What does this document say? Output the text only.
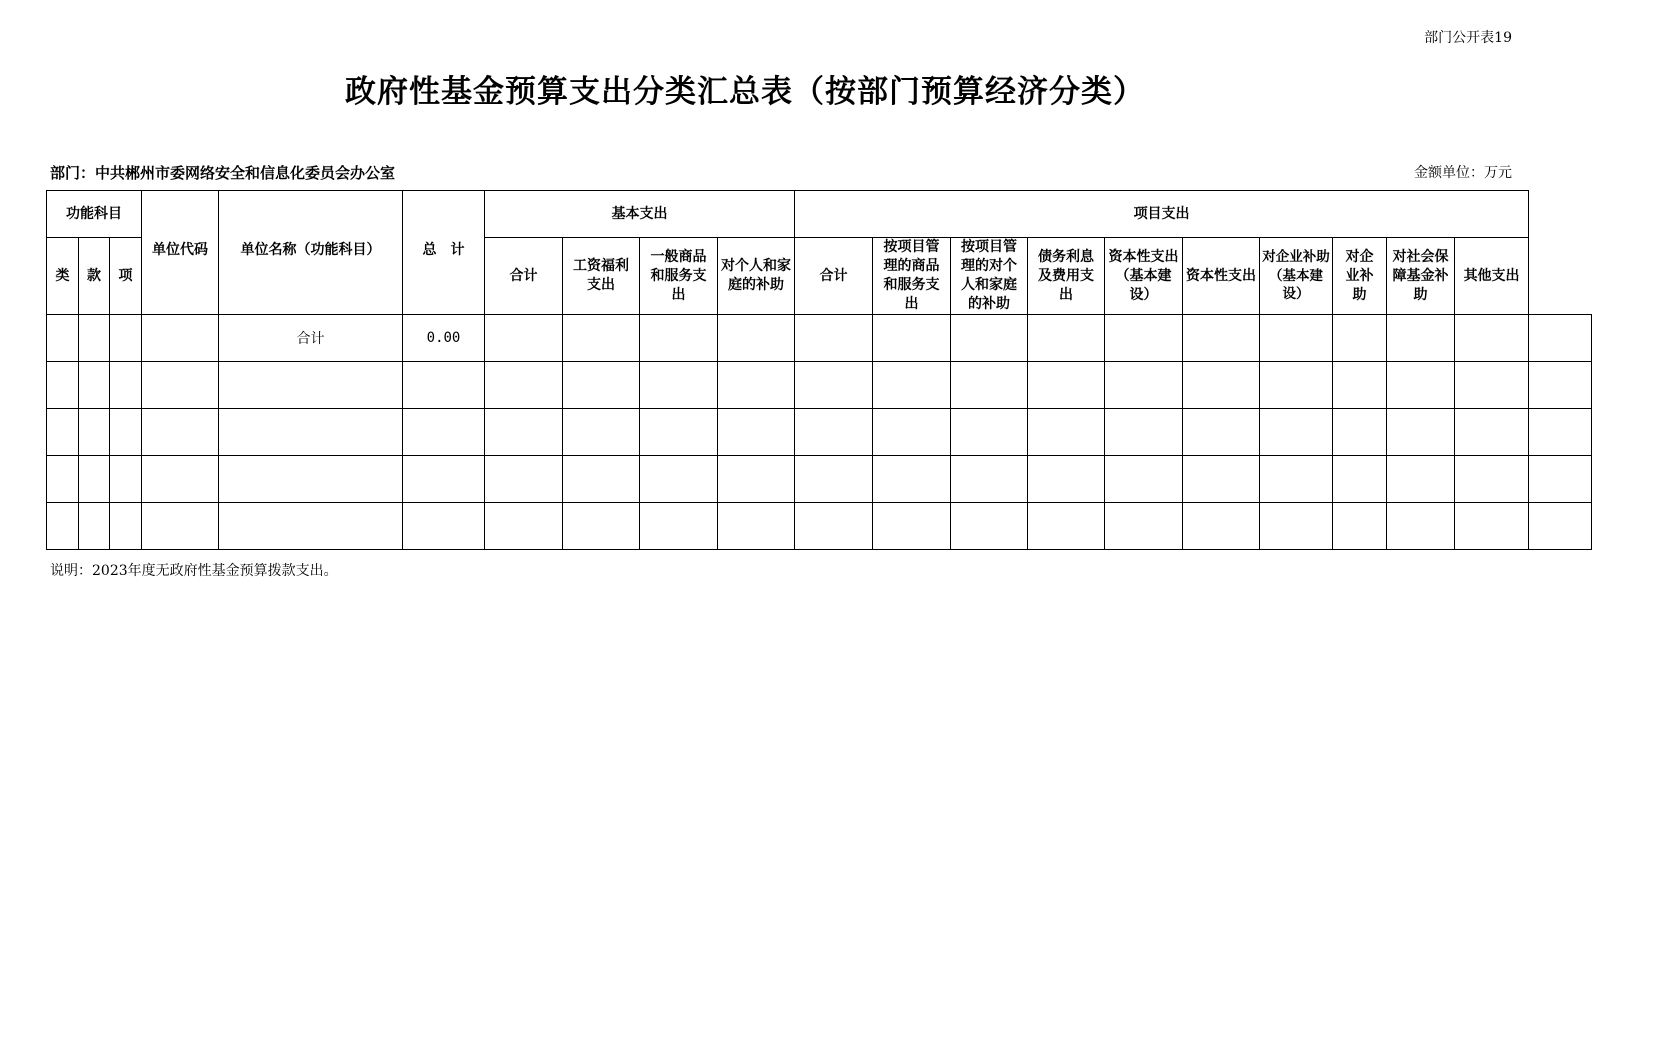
部门公开表19
政府性基金预算支出分类汇总表（按部门预算经济分类）
部门：中共郴州市委网络安全和信息化委员会办公室	金额单位：万元
功能科目			单位代码	单位名称（功能科目）	总　计	基本支出				项目支出										
类	款	项				合计	工资福利支出	一般商品和服务支出	对个人和家庭的补助	合计	按项目管理的商品和服务支出	按项目管理的对个人和家庭的补助	债务利息及费用支出	资本性支出（基本建设）	资本性支出	对企业补助（基本建设）	对企业补助	对社会保障基金补助	其他支出	
				合计	0.00															

说明：2023年度无政府性基金预算拨款支出。
